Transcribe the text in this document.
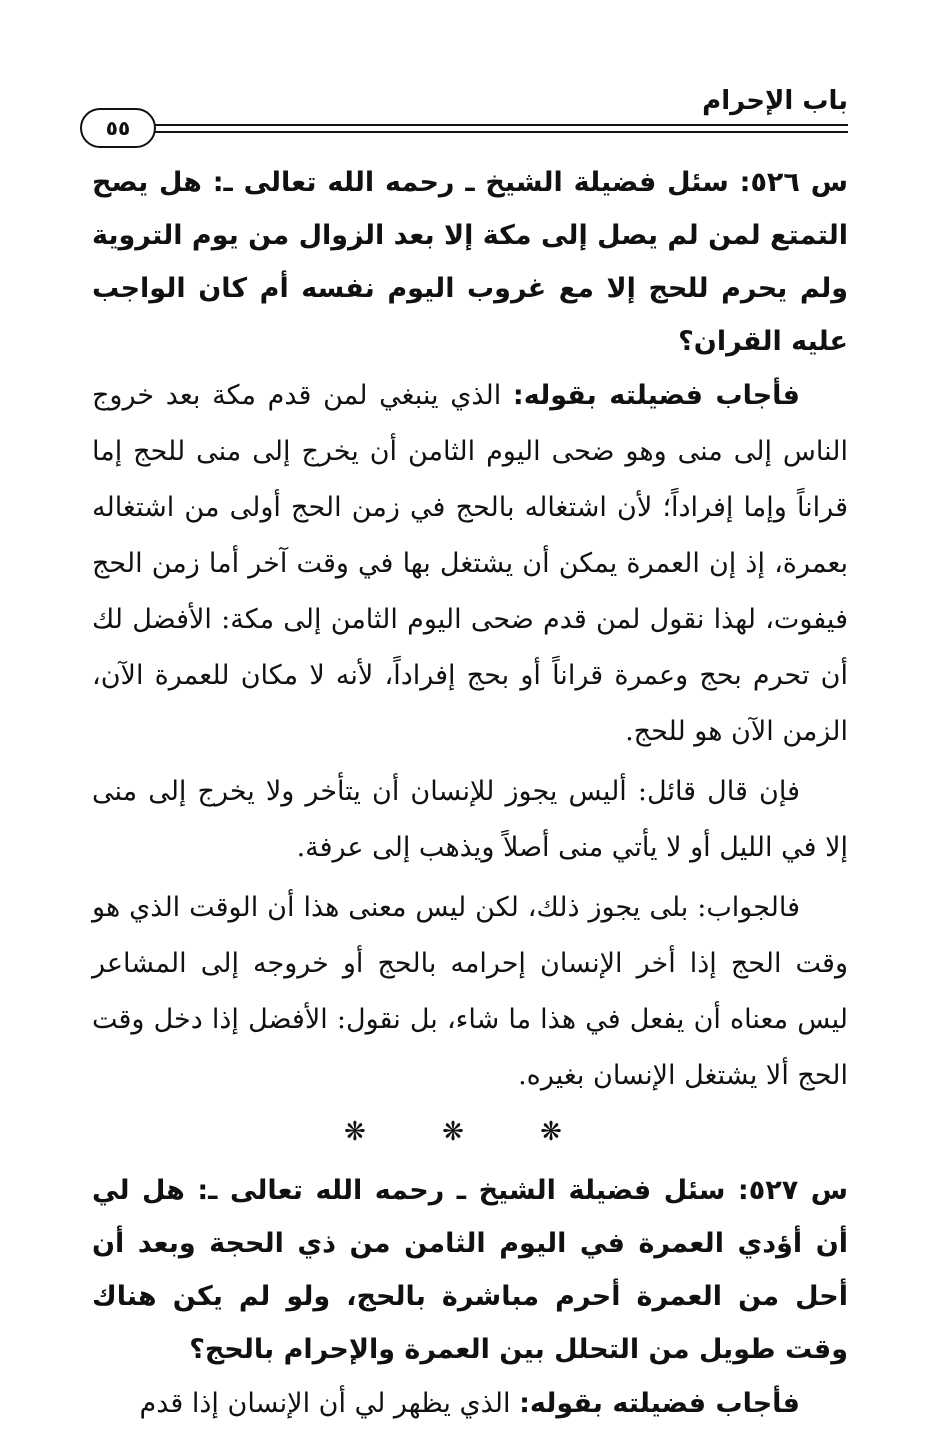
باب الإحرام
٥٥

س ٥٢٦: سئل فضيلة الشيخ ـ رحمه الله تعالى ـ: هل يصح التمتع لمن لم يصل إلى مكة إلا بعد الزوال من يوم التروية ولم يحرم للحج إلا مع غروب اليوم نفسه أم كان الواجب عليه القران؟

فأجاب فضيلته بقوله: الذي ينبغي لمن قدم مكة بعد خروج الناس إلى منى وهو ضحى اليوم الثامن أن يخرج إلى منى للحج إما قراناً وإما إفراداً؛ لأن اشتغاله بالحج في زمن الحج أولى من اشتغاله بعمرة، إذ إن العمرة يمكن أن يشتغل بها في وقت آخر أما زمن الحج فيفوت، لهذا نقول لمن قدم ضحى اليوم الثامن إلى مكة: الأفضل لك أن تحرم بحج وعمرة قراناً أو بحج إفراداً، لأنه لا مكان للعمرة الآن، الزمن الآن هو للحج.

فإن قال قائل: أليس يجوز للإنسان أن يتأخر ولا يخرج إلى منى إلا في الليل أو لا يأتي منى أصلاً ويذهب إلى عرفة.

فالجواب: بلى يجوز ذلك، لكن ليس معنى هذا أن الوقت الذي هو وقت الحج إذا أخر الإنسان إحرامه بالحج أو خروجه إلى المشاعر ليس معناه أن يفعل في هذا ما شاء، بل نقول: الأفضل إذا دخل وقت الحج ألا يشتغل الإنسان بغيره.

❋ ❋ ❋

س ٥٢٧: سئل فضيلة الشيخ ـ رحمه الله تعالى ـ: هل لي أن أؤدي العمرة في اليوم الثامن من ذي الحجة وبعد أن أحل من العمرة أحرم مباشرة بالحج، ولو لم يكن هناك وقت طويل من التحلل بين العمرة والإحرام بالحج؟

فأجاب فضيلته بقوله: الذي يظهر لي أن الإنسان إذا قدم
